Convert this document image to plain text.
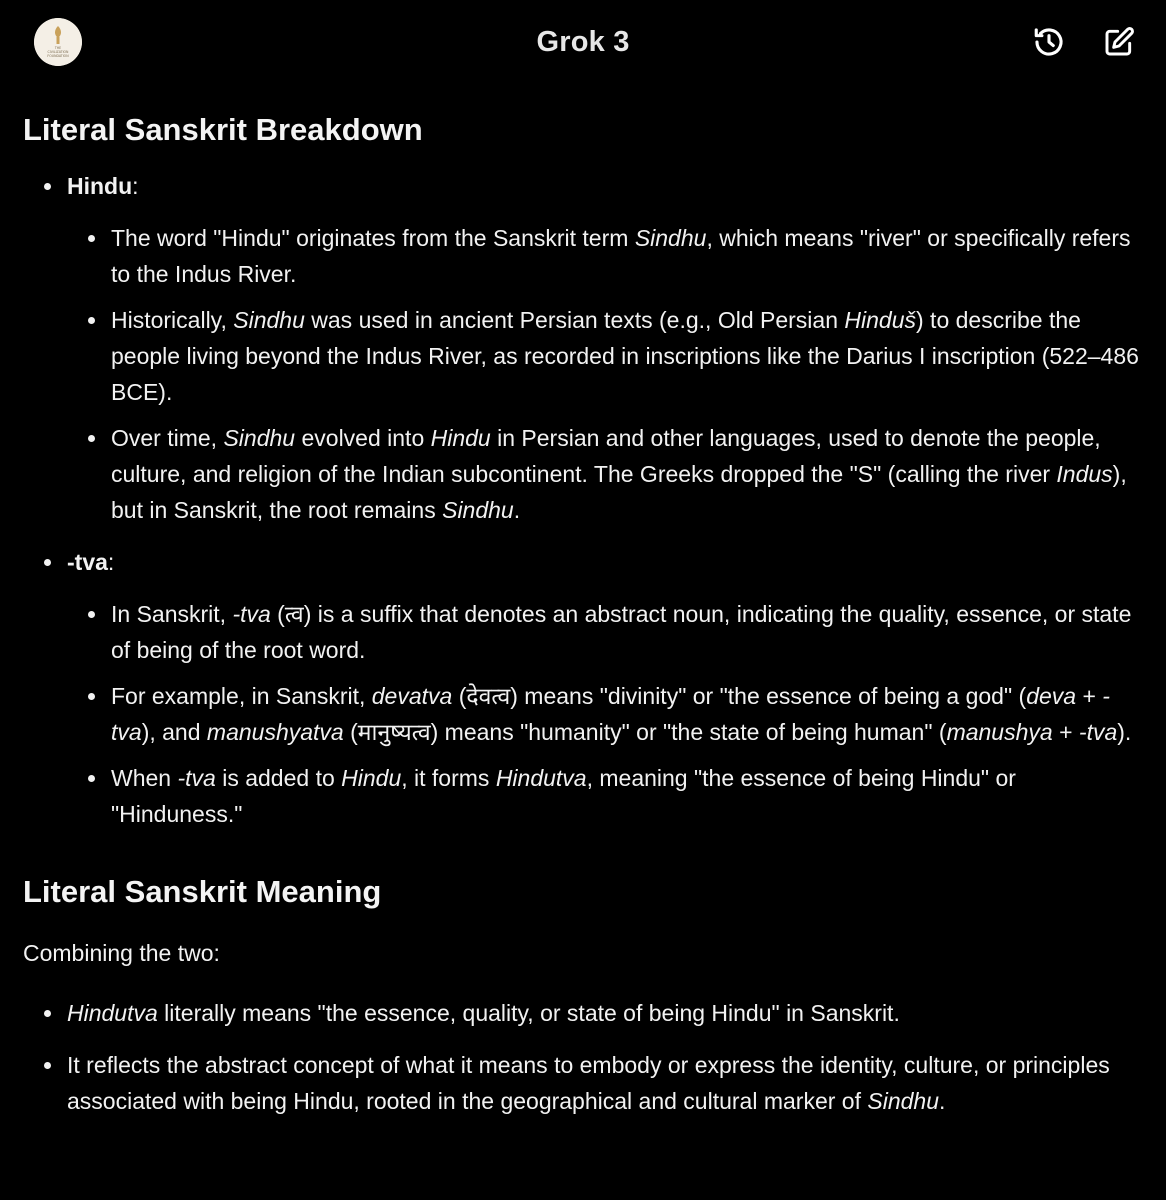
THE
CIVILIZATION
FOUNDATION	Grok 3
Literal Sanskrit Breakdown
Hindu:
The word "Hindu" originates from the Sanskrit term Sindhu, which means "river" or specifically refers to the Indus River.
Historically, Sindhu was used in ancient Persian texts (e.g., Old Persian Hinduš) to describe the people living beyond the Indus River, as recorded in inscriptions like the Darius I inscription (522–486 BCE).
Over time, Sindhu evolved into Hindu in Persian and other languages, used to denote the people, culture, and religion of the Indian subcontinent. The Greeks dropped the "S" (calling the river Indus), but in Sanskrit, the root remains Sindhu.
-tva:
In Sanskrit, -tva (त्व) is a suffix that denotes an abstract noun, indicating the quality, essence, or state of being of the root word.
For example, in Sanskrit, devatva (देवत्व) means "divinity" or "the essence of being a god" (deva + -tva), and manushyatva (मानुष्यत्व) means "humanity" or "the state of being human" (manushya + -tva).
When -tva is added to Hindu, it forms Hindutva, meaning "the essence of being Hindu" or "Hinduness."
Literal Sanskrit Meaning

Combining the two:

Hindutva literally means "the essence, quality, or state of being Hindu" in Sanskrit.
It reflects the abstract concept of what it means to embody or express the identity, culture, or principles associated with being Hindu, rooted in the geographical and cultural marker of Sindhu.
